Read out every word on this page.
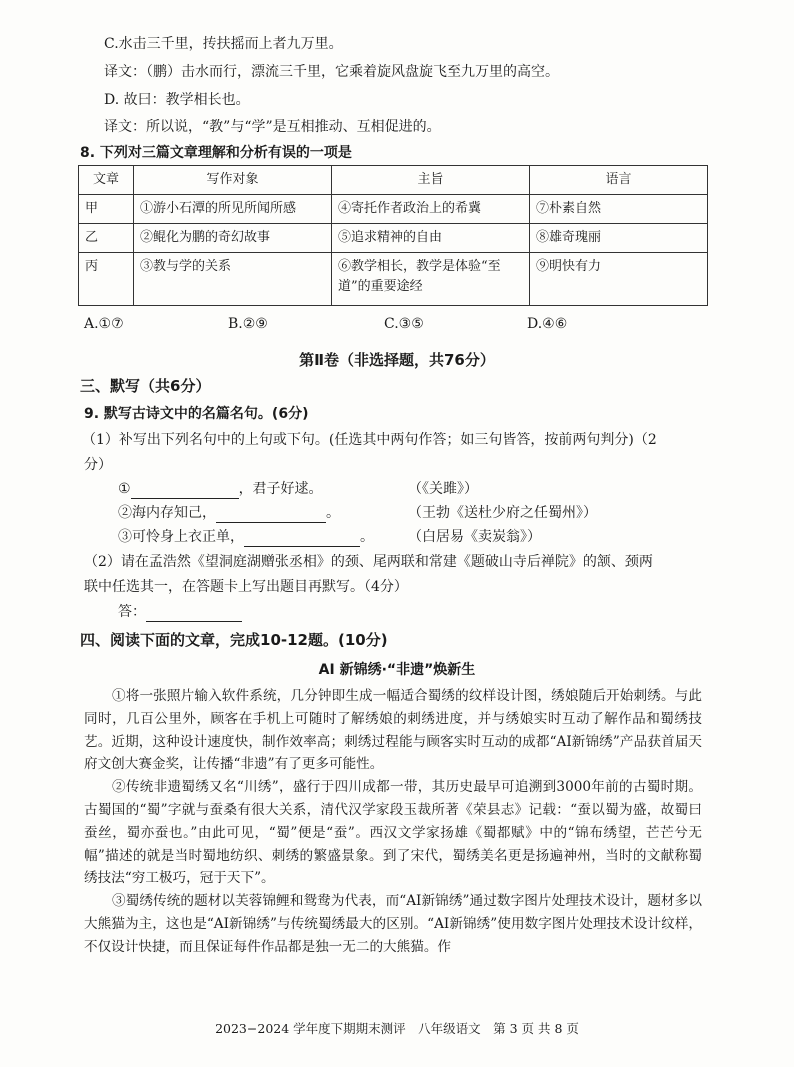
C.水击三千里，抟扶摇而上者九万里。
译文：（鹏）击水而行，漂流三千里，它乘着旋风盘旋飞至九万里的高空。
D. 故曰：教学相长也。
译文：所以说，“教”与“学”是互相推动、互相促进的。
8. 下列对三篇文章理解和分析有误的一项是
文章	写作对象	主旨	语言
甲	①游小石潭的所见所闻所感	④寄托作者政治上的希冀	⑦朴素自然
乙	②鲲化为鹏的奇幻故事	⑤追求精神的自由	⑧雄奇瑰丽
丙	③教与学的关系	⑥教学相长，教学是体验“至道”的重要途经	⑨明快有力
A.①⑦	B.②⑨	C.③⑤	D.④⑥
第Ⅱ卷（非选择题，共76分）
三、默写（共6分）
9. 默写古诗文中的名篇名句。(6分)
（1）补写出下列名句中的上句或下句。(任选其中两句作答；如三句皆答，按前两句判分)（2
分）
①	，君子好逑。	（《关雎》）
②海内存知己，	。	（王勃《送杜少府之任蜀州》）
③可怜身上衣正单，	。 （白居易《卖炭翁》）
（2）请在孟浩然《望洞庭湖赠张丞相》的颈、尾两联和常建《题破山寺后禅院》的颔、颈两
联中任选其一，在答题卡上写出题目再默写。（4分）
答：
四、阅读下面的文章，完成10-12题。(10分)
AI 新锦绣·“非遗”焕新生

①将一张照片输入软件系统，几分钟即生成一幅适合蜀绣的纹样设计图，绣娘随后开始刺绣。与此同时，几百公里外，顾客在手机上可随时了解绣娘的刺绣进度，并与绣娘实时互动了解作品和蜀绣技艺。近期，这种设计速度快，制作效率高；刺绣过程能与顾客实时互动的成都“AI新锦绣”产品获首届天府文创大赛金奖，让传播“非遗”有了更多可能性。

②传统非遗蜀绣又名“川绣”，盛行于四川成都一带，其历史最早可追溯到3000年前的古蜀时期。古蜀国的“蜀”字就与蚕桑有很大关系，清代汉学家段玉裁所著《荣县志》记载：“蚕以蜀为盛，故蜀曰蚕丝，蜀亦蚕也。”由此可见，“蜀”便是“蚕”。西汉文学家扬雄《蜀都赋》中的“锦布绣望，芒芒兮无幅”描述的就是当时蜀地纺织、刺绣的繁盛景象。到了宋代，蜀绣美名更是扬遍神州，当时的文献称蜀绣技法“穷工极巧，冠于天下”。

③蜀绣传统的题材以芙蓉锦鲤和鸳鸯为代表，而“AI新锦绣”通过数字图片处理技术设计，题材多以大熊猫为主，这也是“AI新锦绣”与传统蜀绣最大的区别。“AI新锦绣”使用数字图片处理技术设计纹样，不仅设计快捷，而且保证每件作品都是独一无二的大熊猫。作

2023−2024 学年度下期期末测评　八年级语文　第 3 页 共 8 页
